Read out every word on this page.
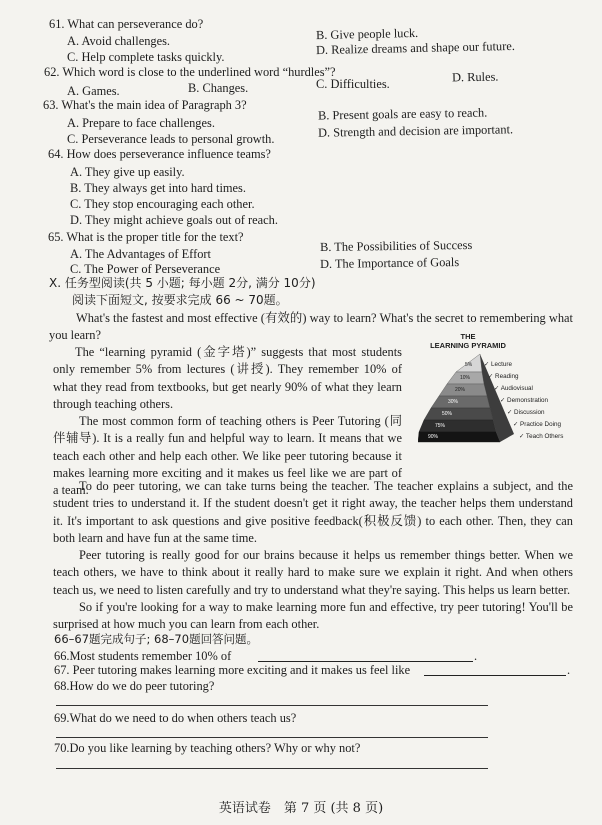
61. What can perseverance do?
A. Avoid challenges.	B. Give people luck.
C. Help complete tasks quickly.	D. Realize dreams and shape our future.
62. Which word is close to the underlined word “hurdles”?
A. Games.	B. Changes.	C. Difficulties.	D. Rules.
63. What's the main idea of Paragraph 3?
A. Prepare to face challenges.
B. Present goals are easy to reach.
C. Perseverance leads to personal growth.	D. Strength and decision are important.
64. How does perseverance influence teams?
A. They give up easily.
B. They always get into hard times.
C. They stop encouraging each other.
D. They might achieve goals out of reach.
65. What is the proper title for the text?
A. The Advantages of Effort	B. The Possibilities of Success
C. The Power of Perseverance	D. The Importance of Goals
Ⅹ. 任务型阅读(共 5 小题; 每小题 2分, 满分 10分)
阅读下面短文, 按要求完成 66 ~ 70题。
What's the fastest and most effective (有效的) way to learn? What's the secret to remembering what you learn?
The “learning pyramid (金字塔)” suggests that most students only remember 5% from lectures (讲授). They remember 10% of what they read from textbooks, but get nearly 90% of what they learn through teaching others.
The most common form of teaching others is Peer Tutoring (同伴辅导). It is a really fun and helpful way to learn. It means that we teach each other and help each other. We like peer tutoring because it makes learning more exciting and it makes us feel like we are part of a team.
THE
LEARNING PYRAMID
5%
10%
20%
30%
50%
75%
90%
✓ Lecture
✓ Reading
✓ Audiovisual
✓ Demonstration
✓ Discussion
✓ Practice Doing
✓ Teach Others
To do peer tutoring, we can take turns being the teacher. The teacher explains a subject, and the student tries to understand it. If the student doesn't get it right away, the teacher helps them understand it. It's important to ask questions and give positive feedback(积极反馈) to each other. Then, they can both learn and have fun at the same time.
Peer tutoring is really good for our brains because it helps us remember things better. When we teach others, we have to think about it really hard to make sure we explain it right. And when others teach us, we need to listen carefully and try to understand what they're saying. This helps us learn better.
So if you're looking for a way to make learning more fun and effective, try peer tutoring! You'll be surprised at how much you can learn from each other.
66–67题完成句子; 68–70题回答问题。
66.Most students remember 10% of	.
67. Peer tutoring makes learning more exciting and it makes us feel like	.
68.How do we do peer tutoring?
69.What do we need to do when others teach us?
70.Do you like learning by teaching others? Why or why not?
英语试卷　第 7 页 (共 8 页)
